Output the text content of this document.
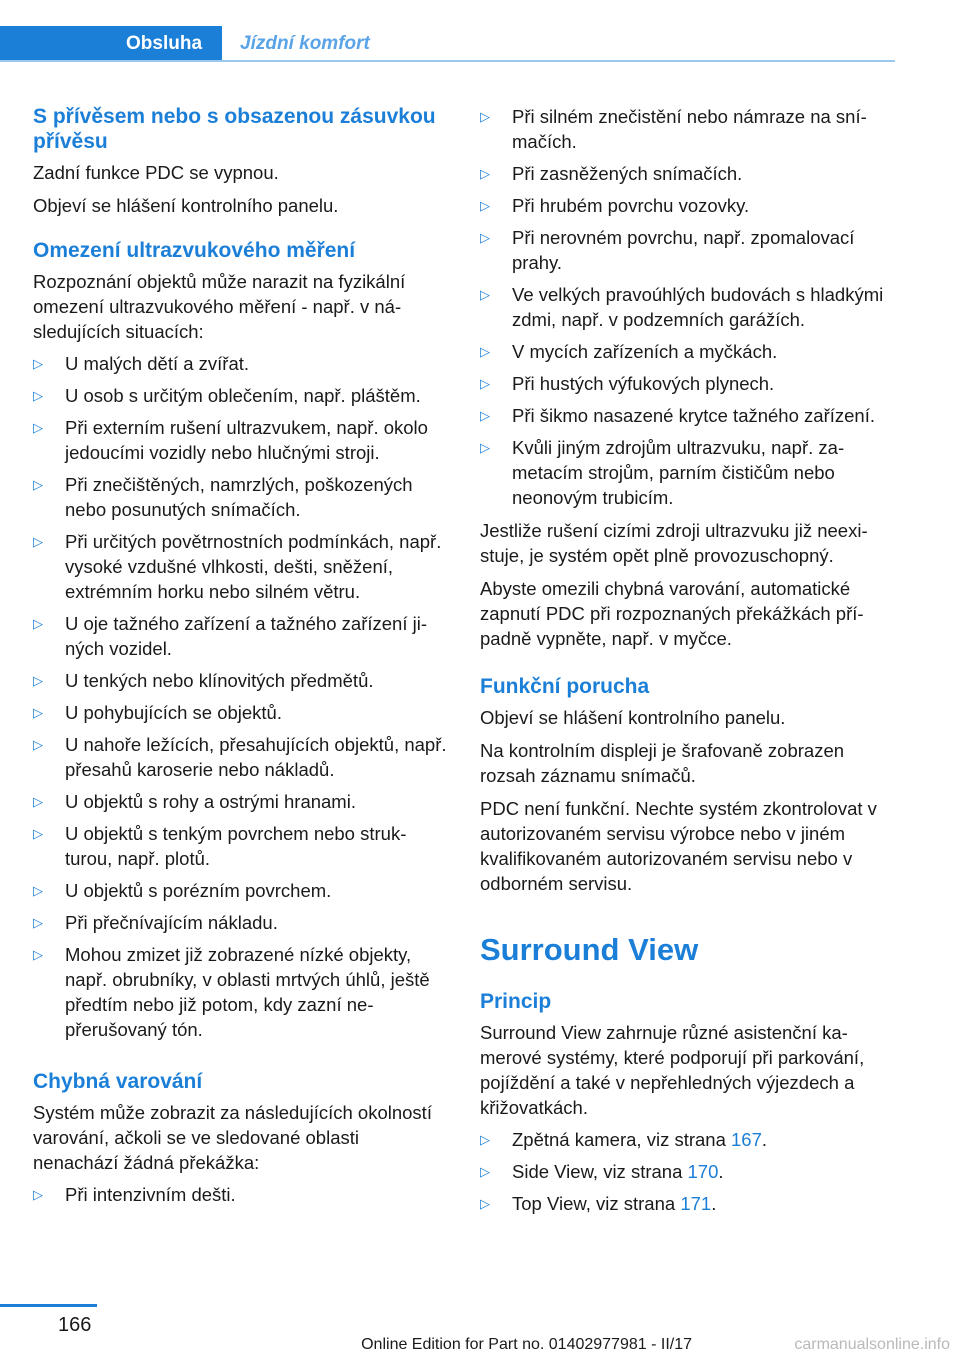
Obsluha	Jízdní komfort
S přívěsem nebo s obsazenou zásuvkou přívěsu

Zadní funkce PDC se vypnou.

Objeví se hlášení kontrolního panelu.

Omezení ultrazvukového měření

Rozpoznání objektů může narazit na fyzikální omezení ultrazvukového měření - např. v následujících situacích:

▷ U malých dětí a zvířat.
▷ U osob s určitým oblečením, např. pláštěm.
▷ Při externím rušení ultrazvukem, např. okolo jedoucími vozidly nebo hlučnými stroji.
▷ Při znečištěných, namrzlých, poškozených nebo posunutých snímačích.
▷ Při určitých povětrnostních podmínkách, např. vysoké vzdušné vlhkosti, dešti, sněžení, extrémním horku nebo silném větru.
▷ U oje tažného zařízení a tažného zařízení jiných vozidel.
▷ U tenkých nebo klínovitých předmětů.
▷ U pohybujících se objektů.
▷ U nahoře ležících, přesahujících objektů, např. přesahů karoserie nebo nákladů.
▷ U objektů s rohy a ostrými hranami.
▷ U objektů s tenkým povrchem nebo strukturou, např. plotů.
▷ U objektů s porézním povrchem.
▷ Při přečnívajícím nákladu.
▷ Mohou zmizet již zobrazené nízké objekty, např. obrubníky, v oblasti mrtvých úhlů, ještě předtím nebo již potom, kdy zazní nepřerušovaný tón.
Chybná varování

Systém může zobrazit za následujících okolností varování, ačkoli se ve sledované oblasti nenachází žádná překážka:

▷ Při intenzivním dešti.
▷ Při silném znečistění nebo námraze na snímačích.
▷ Při zasněžených snímačích.
▷ Při hrubém povrchu vozovky.
▷ Při nerovném povrchu, např. zpomalovací prahy.
▷ Ve velkých pravoúhlých budovách s hladkými zdmi, např. v podzemních garážích.
▷ V mycích zařízeních a myčkách.
▷ Při hustých výfukových plynech.
▷ Při šikmo nasazené krytce tažného zařízení.
▷ Kvůli jiným zdrojům ultrazvuku, např. zametacím strojům, parním čističům nebo neonovým trubicím.

Jestliže rušení cizími zdroji ultrazvuku již neexistuje, je systém opět plně provozuschopný.

Abyste omezili chybná varování, automatické zapnutí PDC při rozpoznaných překážkách případně vypněte, např. v myčce.

Funkční porucha

Objeví se hlášení kontrolního panelu.

Na kontrolním displeji je šrafovaně zobrazen rozsah záznamu snímačů.

PDC není funkční. Nechte systém zkontrolovat v autorizovaném servisu výrobce nebo v jiném kvalifikovaném autorizovaném servisu nebo v odborném servisu.

Surround View
Princip

Surround View zahrnuje různé asistenční kamerové systémy, které podporují při parkování, pojíždění a také v nepřehledných výjezdech a křižovatkách.

▷ Zpětná kamera, viz strana 167.
▷ Side View, viz strana 170.
▷ Top View, viz strana 171.
166
Online Edition for Part no. 01402977981 - II/17	carmanualsonline.info
